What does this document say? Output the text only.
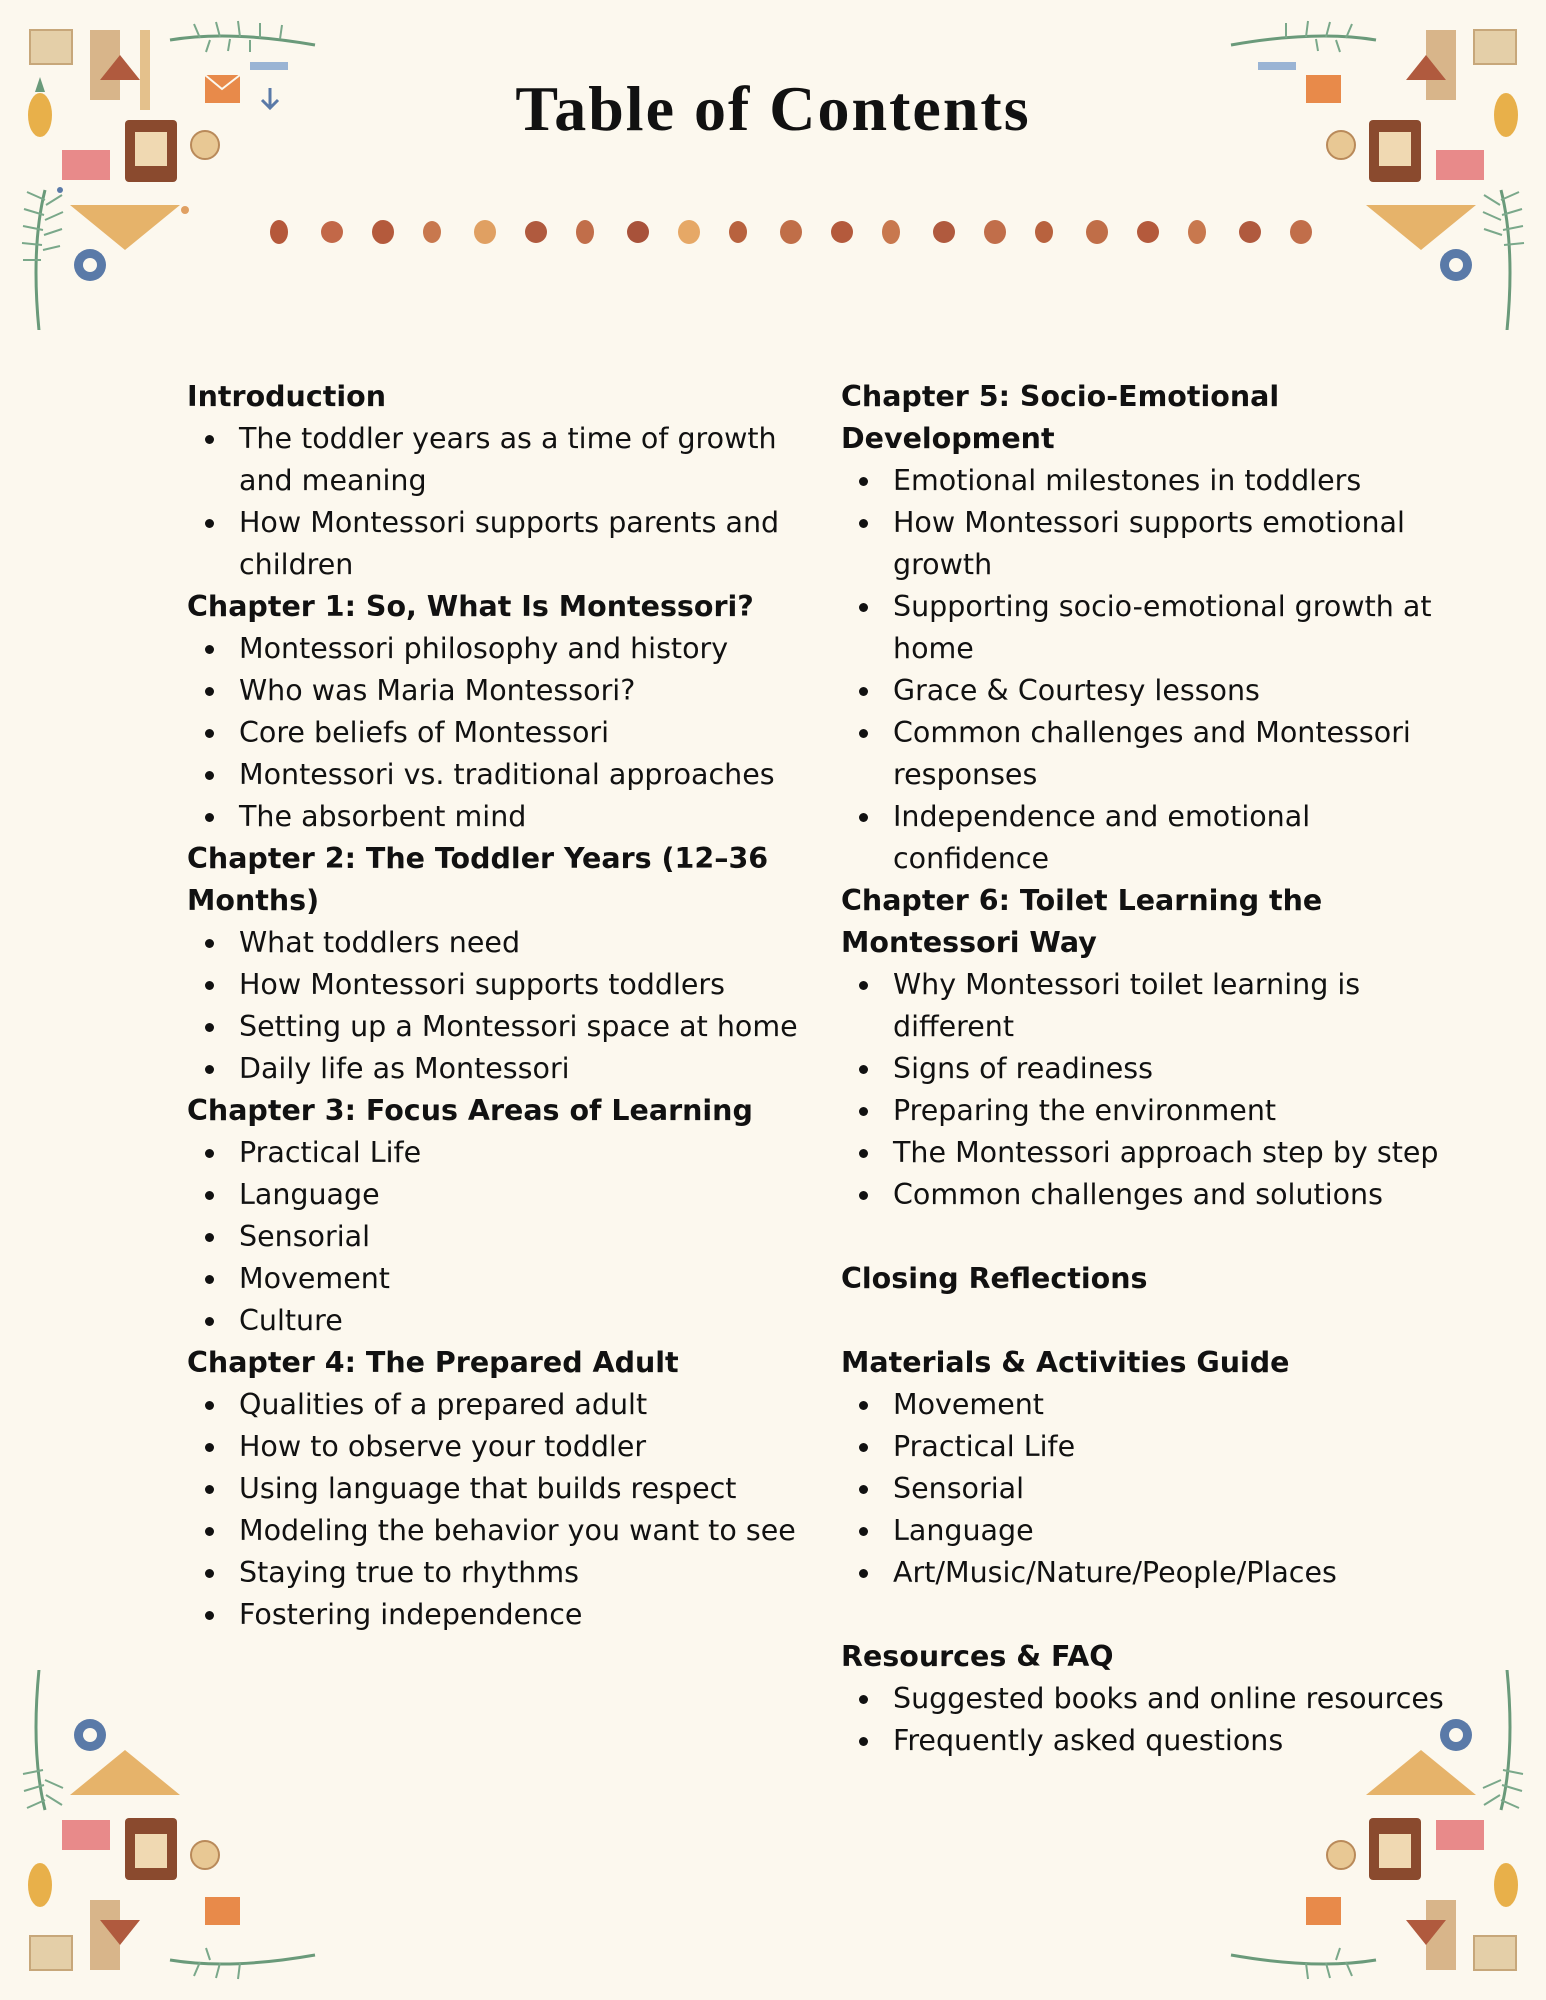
Table of Contents
Introduction
The toddler years as a time of growth and meaning
How Montessori supports parents and children
Chapter 1: So, What Is Montessori?
Montessori philosophy and history
Who was Maria Montessori?
Core beliefs of Montessori
Montessori vs. traditional approaches
The absorbent mind
Chapter 2: The Toddler Years (12–36 Months)
What toddlers need
How Montessori supports toddlers
Setting up a Montessori space at home
Daily life as Montessori
Chapter 3: Focus Areas of Learning
Practical Life
Language
Sensorial
Movement
Culture
Chapter 4: The Prepared Adult
Qualities of a prepared adult
How to observe your toddler
Using language that builds respect
Modeling the behavior you want to see
Staying true to rhythms
Fostering independence
Chapter 5: Socio-Emotional Development
Emotional milestones in toddlers
How Montessori supports emotional growth
Supporting socio-emotional growth at home
Grace & Courtesy lessons
Common challenges and Montessori responses
Independence and emotional confidence
Chapter 6: Toilet Learning the Montessori Way
Why Montessori toilet learning is different
Signs of readiness
Preparing the environment
The Montessori approach step by step
Common challenges and solutions
Closing Reflections
Materials & Activities Guide
Movement
Practical Life
Sensorial
Language
Art/Music/Nature/People/Places
Resources & FAQ
Suggested books and online resources
Frequently asked questions
